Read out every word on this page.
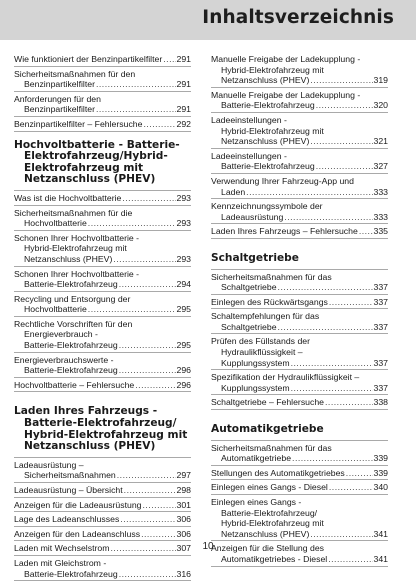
Inhaltsverzeichnis
Wie funktioniert der Benzinpartikelfilter ..... 291
Sicherheitsmaßnahmen für den
Benzinpartikelfilter .....	291
Anforderungen für den
Benzinpartikelfilter .....	291
Benzinpartikelfilter – Fehlersuche .....	292
Hochvoltbatterie - Batterie-
Elektrofahrzeug/Hybrid-
Elektrofahrzeug mit
Netzanschluss (PHEV)
Was ist die Hochvoltbatterie .....	293
Sicherheitsmaßnahmen für die
Hochvoltbatterie .....	293
Schonen Ihrer Hochvoltbatterie -
Hybrid-Elektrofahrzeug mit
Netzanschluss (PHEV) .....	293
Schonen Ihrer Hochvoltbatterie -
Batterie-Elektrofahrzeug .....	294
Recycling und Entsorgung der
Hochvoltbatterie .....	295
Rechtliche Vorschriften für den
Energieverbrauch -
Batterie-Elektrofahrzeug .....	295
Energieverbrauchswerte -
Batterie-Elektrofahrzeug .....	296
Hochvoltbatterie – Fehlersuche .....	296
Laden Ihres Fahrzeugs -
Batterie-Elektrofahrzeug/
Hybrid-Elektrofahrzeug mit
Netzanschluss (PHEV)
Ladeausrüstung –
Sicherheitsmaßnahmen .....	297
Ladeausrüstung – Übersicht .....	298
Anzeigen für die Ladeausrüstung .....	301
Lage des Ladeanschlusses .....	306
Anzeigen für den Ladeanschluss .....	306
Laden mit Wechselstrom .....	307
Laden mit Gleichstrom -
Batterie-Elektrofahrzeug .....	316
Manuelle Freigabe der Ladekupplung -
Hybrid-Elektrofahrzeug mit
Netzanschluss (PHEV) .....	319
Manuelle Freigabe der Ladekupplung -
Batterie-Elektrofahrzeug .....	320
Ladeeinstellungen -
Hybrid-Elektrofahrzeug mit
Netzanschluss (PHEV) .....	321
Ladeeinstellungen -
Batterie-Elektrofahrzeug .....	327
Verwendung Ihrer Fahrzeug-App und
Laden .....	333
Kennzeichnungssymbole der
Ladeausrüstung .....	333
Laden Ihres Fahrzeugs – Fehlersuche ..... 335
Schaltgetriebe
Sicherheitsmaßnahmen für das
Schaltgetriebe .....	337
Einlegen des Rückwärtsgangs .....	337
Schaltempfehlungen für das
Schaltgetriebe .....	337
Prüfen des Füllstands der
Hydraulikflüssigkeit –
Kupplungssystem .....	337
Spezifikation der Hydraulikflüssigkeit –
Kupplungssystem .....	337
Schaltgetriebe – Fehlersuche .....	338
Automatikgetriebe
Sicherheitsmaßnahmen für das
Automatikgetriebe .....	339
Stellungen des Automatikgetriebes .....	339
Einlegen eines Gangs - Diesel .....	340
Einlegen eines Gangs -
Batterie-Elektrofahrzeug/
Hybrid-Elektrofahrzeug mit
Netzanschluss (PHEV) .....	341
Anzeigen für die Stellung des
Automatikgetriebes - Diesel .....	341
10
